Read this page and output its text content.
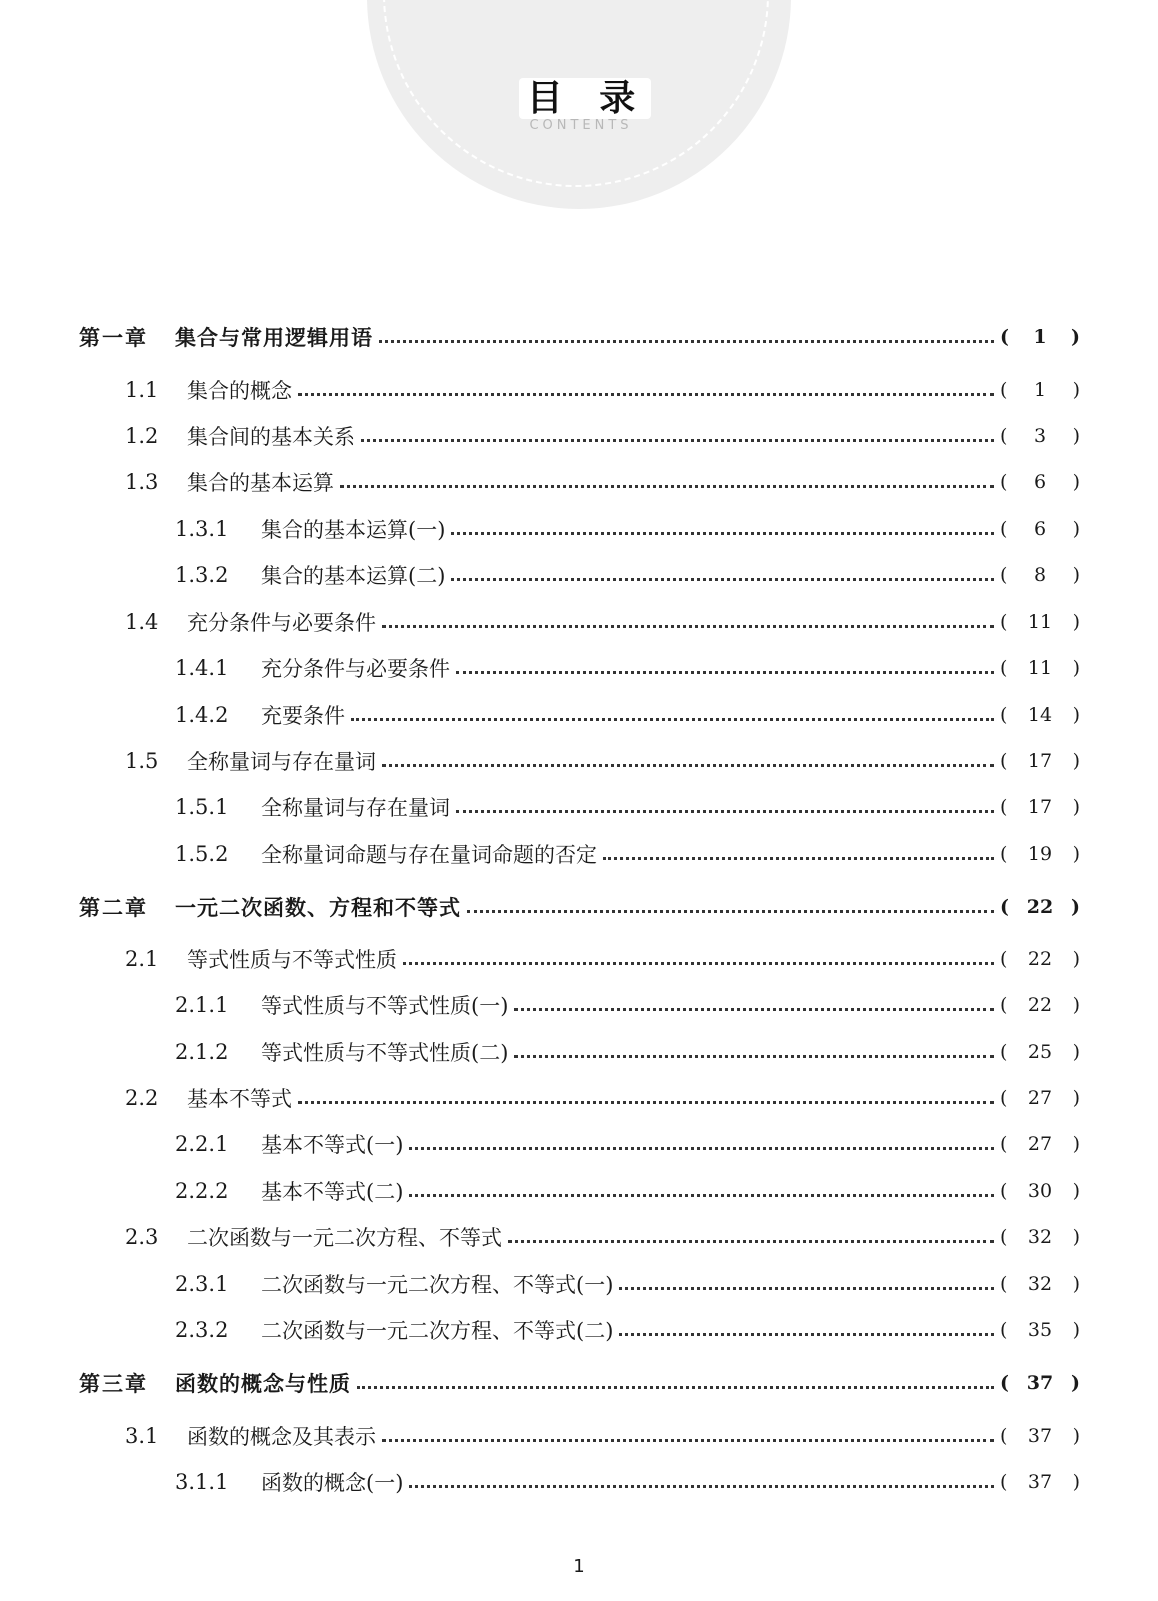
目 录
CONTENTS
第一章	集合与常用逻辑用语	(	1	)
1.1	集合的概念	(	1	)
1.2	集合间的基本关系	(	3	)
1.3	集合的基本运算	(	6	)
1.3.1	集合的基本运算(一)	(	6	)
1.3.2	集合的基本运算(二)	(	8	)
1.4	充分条件与必要条件	(	11	)
1.4.1	充分条件与必要条件	(	11	)
1.4.2	充要条件	(	14	)
1.5	全称量词与存在量词	(	17	)
1.5.1	全称量词与存在量词	(	17	)
1.5.2	全称量词命题与存在量词命题的否定	(	19	)
第二章	一元二次函数、方程和不等式	( 22 )
2.1	等式性质与不等式性质	(	22	)
2.1.1	等式性质与不等式性质(一)	(	22	)
2.1.2	等式性质与不等式性质(二)	(	25	)
2.2	基本不等式	(	27	)
2.2.1	基本不等式(一)	(	27	)
2.2.2	基本不等式(二)	(	30	)
2.3	二次函数与一元二次方程、不等式	(	32	)
2.3.1	二次函数与一元二次方程、不等式(一)	(	32	)
2.3.2	二次函数与一元二次方程、不等式(二)	(	35	)
第三章	函数的概念与性质	( 37 )
3.1	函数的概念及其表示	(	37	)
3.1.1	函数的概念(一)	(	37	)
1
